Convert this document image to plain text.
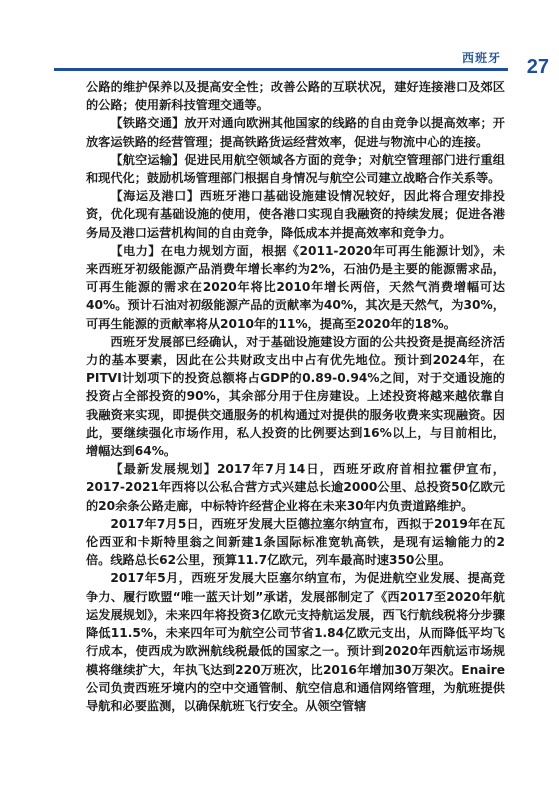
西班牙 27

公路的维护保养以及提高安全性；改善公路的互联状况，建好连接港口及郊区的公路；使用新科技管理交通等。

【铁路交通】放开对通向欧洲其他国家的线路的自由竞争以提高效率；开放客运铁路的经营管理；提高铁路货运经营效率，促进与物流中心的连接。

【航空运输】促进民用航空领域各方面的竞争；对航空管理部门进行重组和现代化；鼓励机场管理部门根据自身情况与航空公司建立战略合作关系等。

【海运及港口】西班牙港口基础设施建设情况较好，因此将合理安排投资，优化现有基础设施的使用，使各港口实现自我融资的持续发展；促进各港务局及港口运营机构间的自由竞争，降低成本并提高效率和竞争力。

【电力】在电力规划方面，根据《2011-2020年可再生能源计划》，未来西班牙初级能源产品消费年增长率约为2%，石油仍是主要的能源需求品，可再生能源的需求在2020年将比2010年增长两倍，天然气消费增幅可达40%。预计石油对初级能源产品的贡献率为40%，其次是天然气，为30%，可再生能源的贡献率将从2010年的11%，提高至2020年的18%。

西班牙发展部已经确认，对于基础设施建设方面的公共投资是提高经济活力的基本要素，因此在公共财政支出中占有优先地位。预计到2024年，在PITVI计划项下的投资总额将占GDP的0.89-0.94%之间，对于交通设施的投资占全部投资的90%，其余部分用于住房建设。上述投资将越来越依靠自我融资来实现，即提供交通服务的机构通过对提供的服务收费来实现融资。因此，要继续强化市场作用，私人投资的比例要达到16%以上，与目前相比，增幅达到64%。

【最新发展规划】2017年7月14日，西班牙政府首相拉霍伊宣布，2017-2021年西将以公私合营方式兴建总长逾2000公里、总投资50亿欧元的20余条公路走廊，中标特许经营企业将在未来30年内负责道路维护。

2017年7月5日，西班牙发展大臣德拉塞尔纳宣布，西拟于2019年在瓦伦西亚和卡斯特里翁之间新建1条国际标准宽轨高铁，是现有运输能力的2倍。线路总长62公里，预算11.7亿欧元，列车最高时速350公里。

2017年5月，西班牙发展大臣塞尔纳宣布，为促进航空业发展、提高竞争力、履行欧盟“唯一蓝天计划”承诺，发展部制定了《西2017至2020年航运发展规划》，未来四年将投资3亿欧元支持航运发展，西飞行航线税将分步骤降低11.5%，未来四年可为航空公司节省1.84亿欧元支出，从而降低平均飞行成本，使西成为欧洲航线税最低的国家之一。预计到2020年西航运市场规模将继续扩大，年执飞达到220万班次，比2016年增加30万架次。Enaire公司负责西班牙境内的空中交通管制、航空信息和通信网络管理，为航班提供导航和必要监测，以确保航班飞行安全。从领空管辖
